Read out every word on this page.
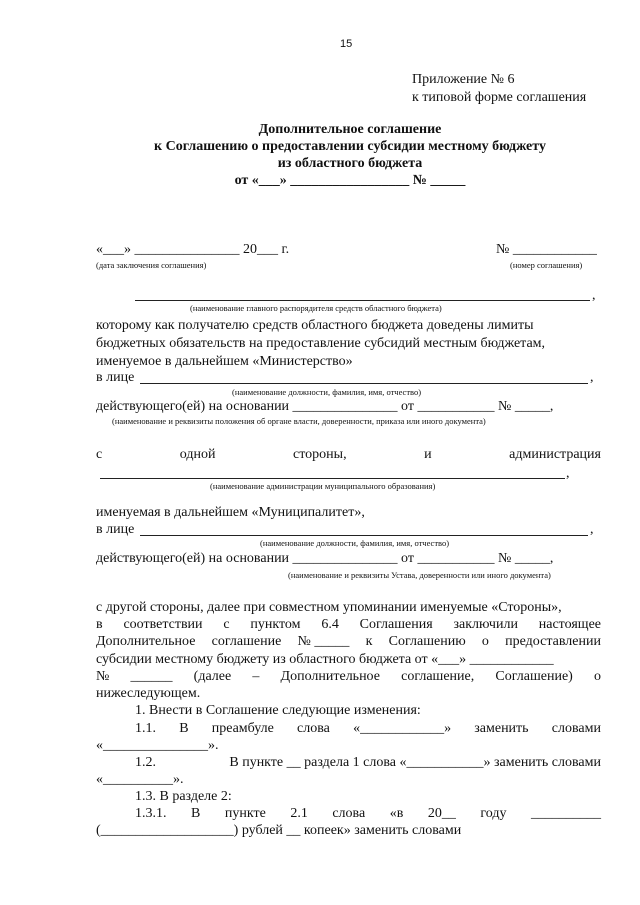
15
Приложение № 6
к типовой форме соглашения
Дополнительное соглашение
к Соглашению о предоставлении субсидии местному бюджету
из областного бюджета
от «___» _________________ № _____
«___» _______________ 20___ г.	№ ____________
(дата заключения соглашения)	(номер соглашения)
,
(наименование главного распорядителя средств областного бюджета)
которому как получателю средств областного бюджета доведены лимиты
бюджетных обязательств на предоставление субсидий местным бюджетам,
именуемое в дальнейшем «Министерство»
в лице	,
(наименование должности, фамилия, имя, отчество)
действующего(ей) на основании _______________ от ___________ № _____,
(наименование и реквизиты положения об органе власти, доверенности, приказа или иного документа)
с	одной	стороны,	и	администрация
,
(наименование администрации муниципального образования)
именуемая в дальнейшем «Муниципалитет»,
в лице	,
(наименование должности, фамилия, имя, отчество)
действующего(ей) на основании _______________ от ___________ № _____,
(наименование и реквизиты Устава, доверенности или иного документа)
с другой стороны, далее при совместном упоминании именуемые «Стороны»,
в соответствии с пунктом 6.4 Соглашения заключили настоящее
Дополнительное соглашение № _____ к Соглашению о предоставлении
субсидии местному бюджету из областного бюджета от «___» ____________
№ ______ (далее – Дополнительное соглашение, Соглашение) о
нижеследующем.
1. Внести в Соглашение следующие изменения:
1.1. В преамбуле слова «____________» заменить словами
«_______________».
1.2.	В пункте __ раздела 1 слова «___________» заменить словами
«__________».
1.3. В разделе 2:
1.3.1. В пункте 2.1 слова «в 20__ году __________
(___________________) рублей __ копеек» заменить словами
